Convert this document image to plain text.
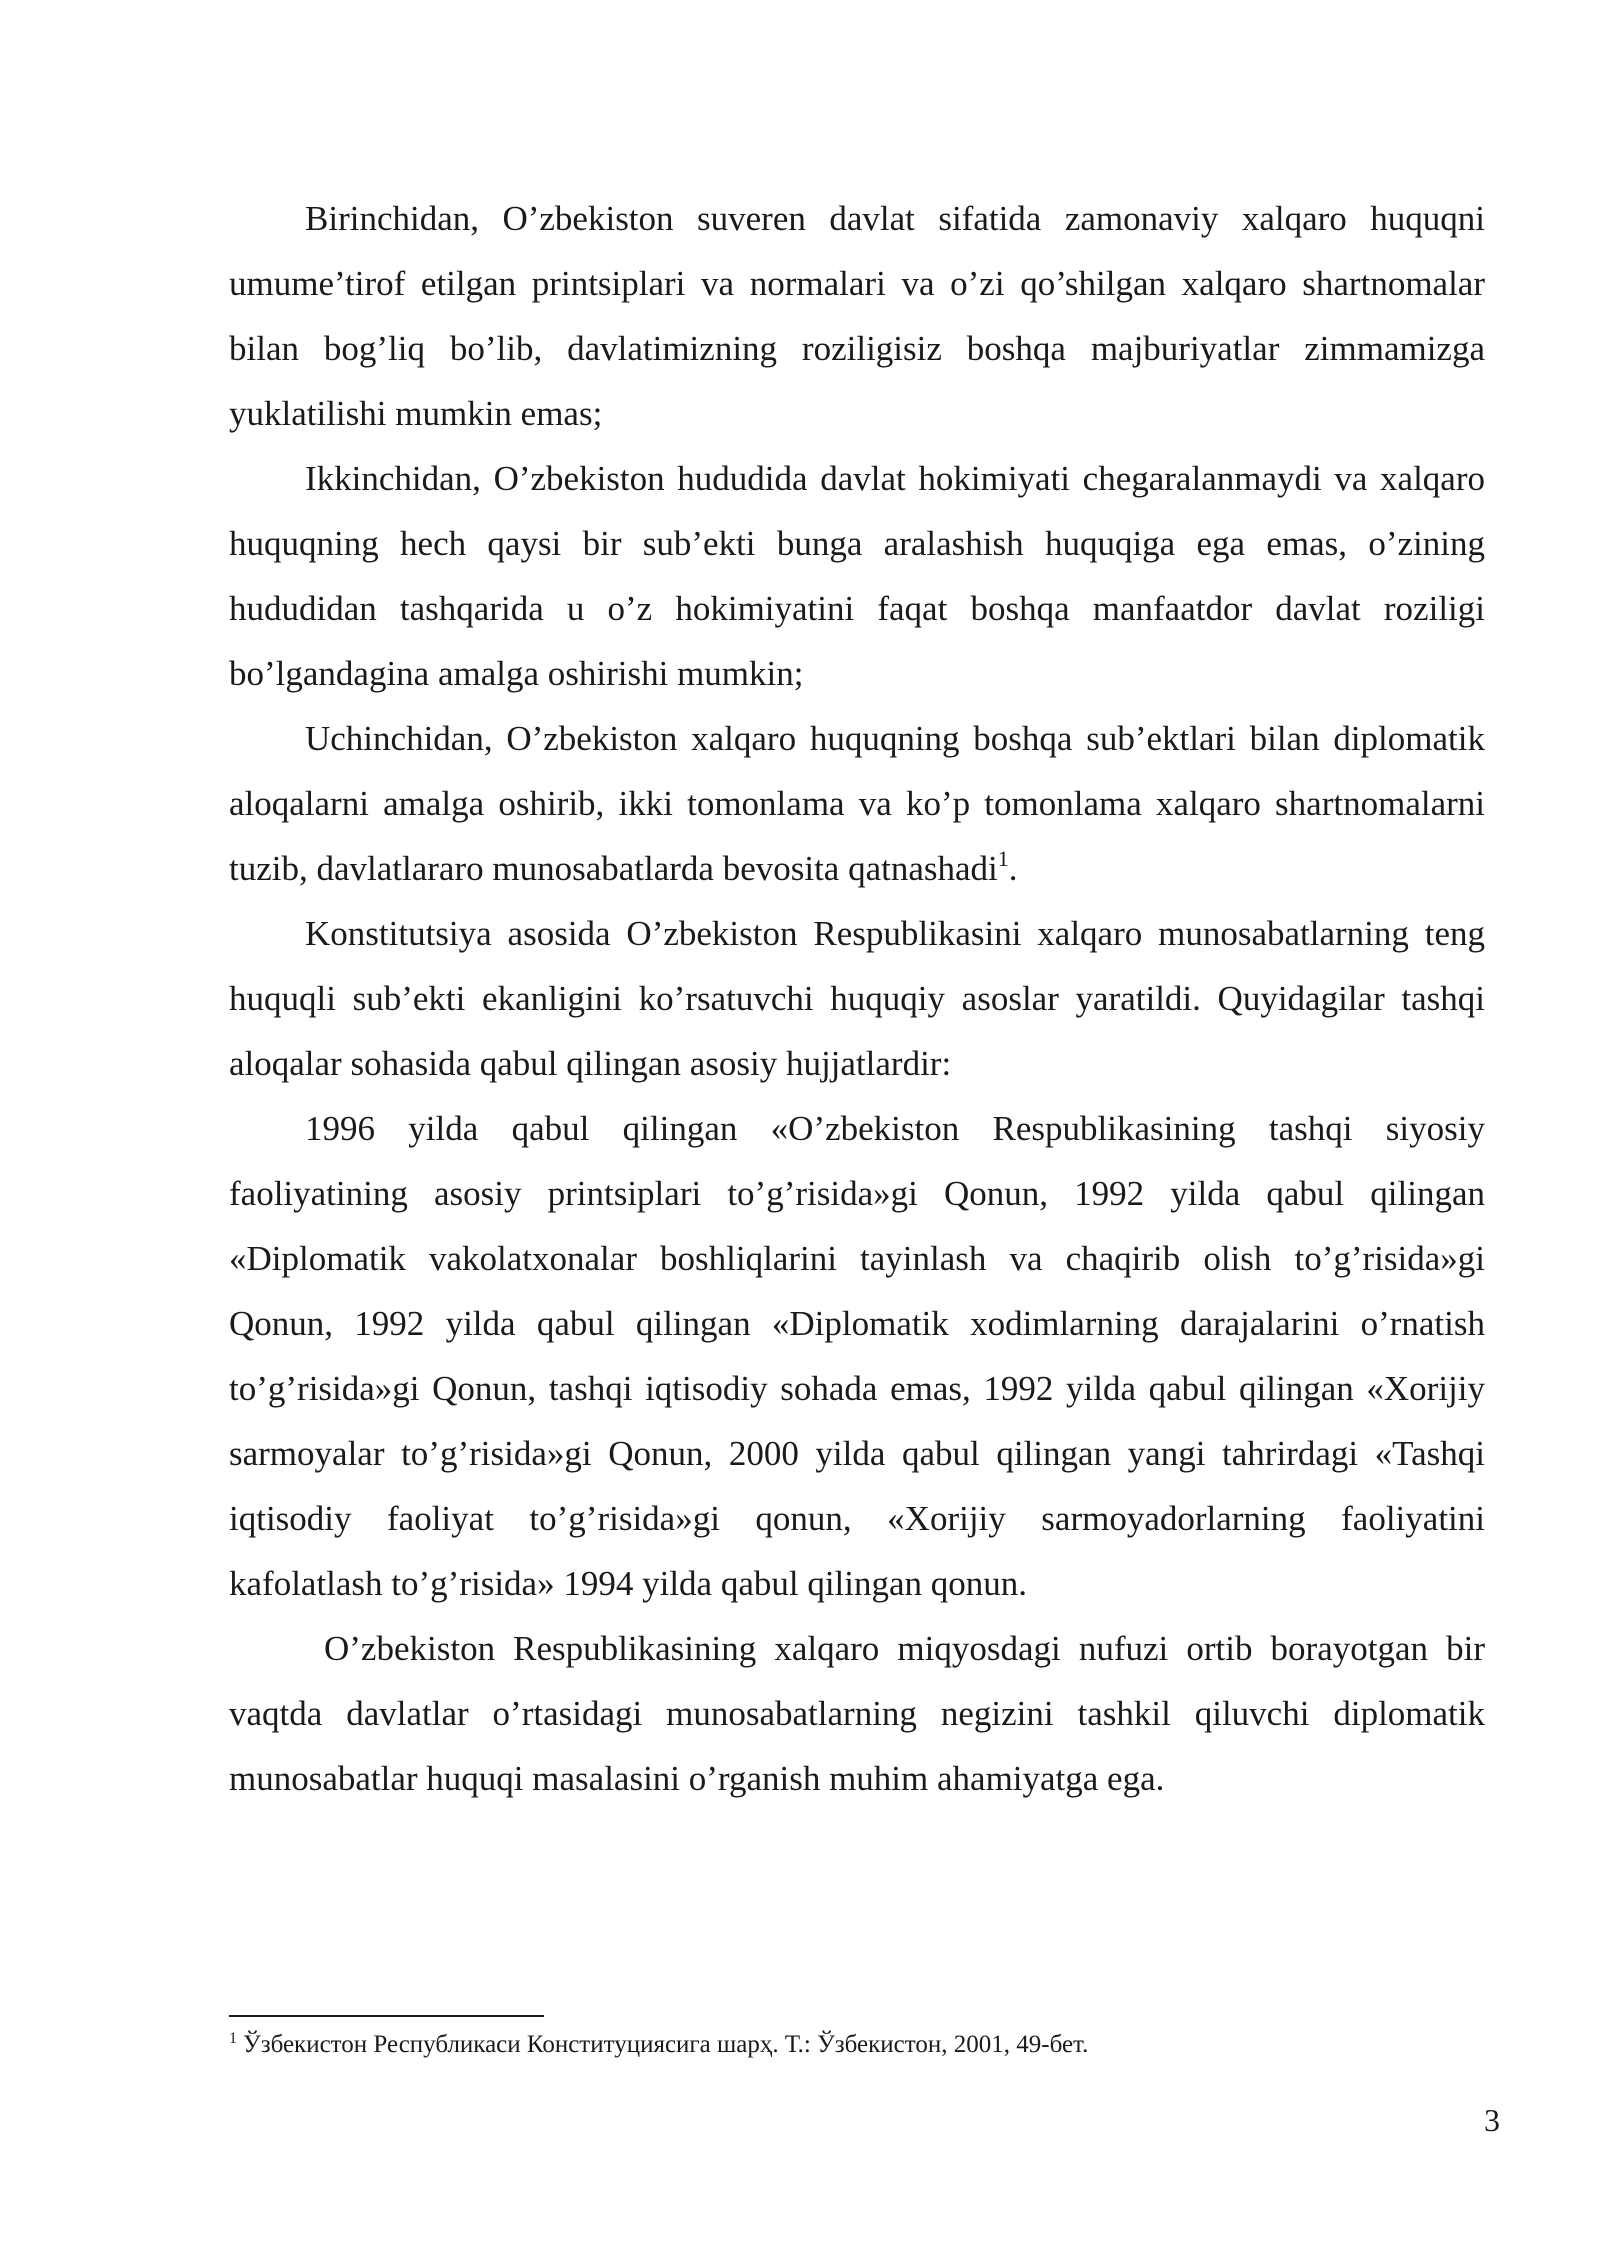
Birinchidan, O’zbekiston suveren davlat sifatida zamonaviy xalqaro huquqni umume’tirof etilgan printsiplari va normalari va o’zi qo’shilgan xalqaro shartnomalar bilan bog’liq bo’lib, davlatimizning roziligisiz boshqa majburiyatlar zimmamizga yuklatilishi mumkin emas;

Ikkinchidan, O’zbekiston hududida davlat hokimiyati chegaralanmaydi va xalqaro huquqning hech qaysi bir sub’ekti bunga aralashish huquqiga ega emas, o’zining hududidan tashqarida u o’z hokimiyatini faqat boshqa manfaatdor davlat roziligi bo’lgandagina amalga oshirishi mumkin;

Uchinchidan, O’zbekiston xalqaro huquqning boshqa sub’ektlari bilan diplomatik aloqalarni amalga oshirib, ikki tomonlama va ko’p tomonlama xalqaro shartnomalarni tuzib, davlatlararo munosabatlarda bevosita qatnashadi$^1$.

Konstitutsiya asosida O’zbekiston Respublikasini xalqaro munosabatlarning teng huquqli sub’ekti ekanligini ko’rsatuvchi huquqiy asoslar yaratildi. Quyidagilar tashqi aloqalar sohasida qabul qilingan asosiy hujjatlardir:

1996 yilda qabul qilingan «O’zbekiston Respublikasining tashqi siyosiy faoliyatining asosiy printsiplari to’g’risida»gi Qonun, 1992 yilda qabul qilingan «Diplomatik vakolatxonalar boshliqlarini tayinlash va chaqirib olish to’g’risida»gi Qonun, 1992 yilda qabul qilingan «Diplomatik xodimlarning darajalarini o’rnatish to’g’risida»gi Qonun, tashqi iqtisodiy sohada emas, 1992 yilda qabul qilingan «Xorijiy sarmoyalar to’g’risida»gi Qonun, 2000 yilda qabul qilingan yangi tahrirdagi «Tashqi iqtisodiy faoliyat to’g’risida»gi qonun, «Xorijiy sarmoyadorlarning faoliyatini kafolatlash to’g’risida» 1994 yilda qabul qilingan qonun.

O’zbekiston Respublikasining xalqaro miqyosdagi nufuzi ortib borayotgan bir vaqtda davlatlar o’rtasidagi munosabatlarning negizini tashkil qiluvchi diplomatik munosabatlar huquqi masalasini o’rganish muhim ahamiyatga ega.

$^1$ Ўзбекистон Республикаси Конституциясига шарҳ. Т.: Ўзбекистон, 2001, 49-бет.
3
